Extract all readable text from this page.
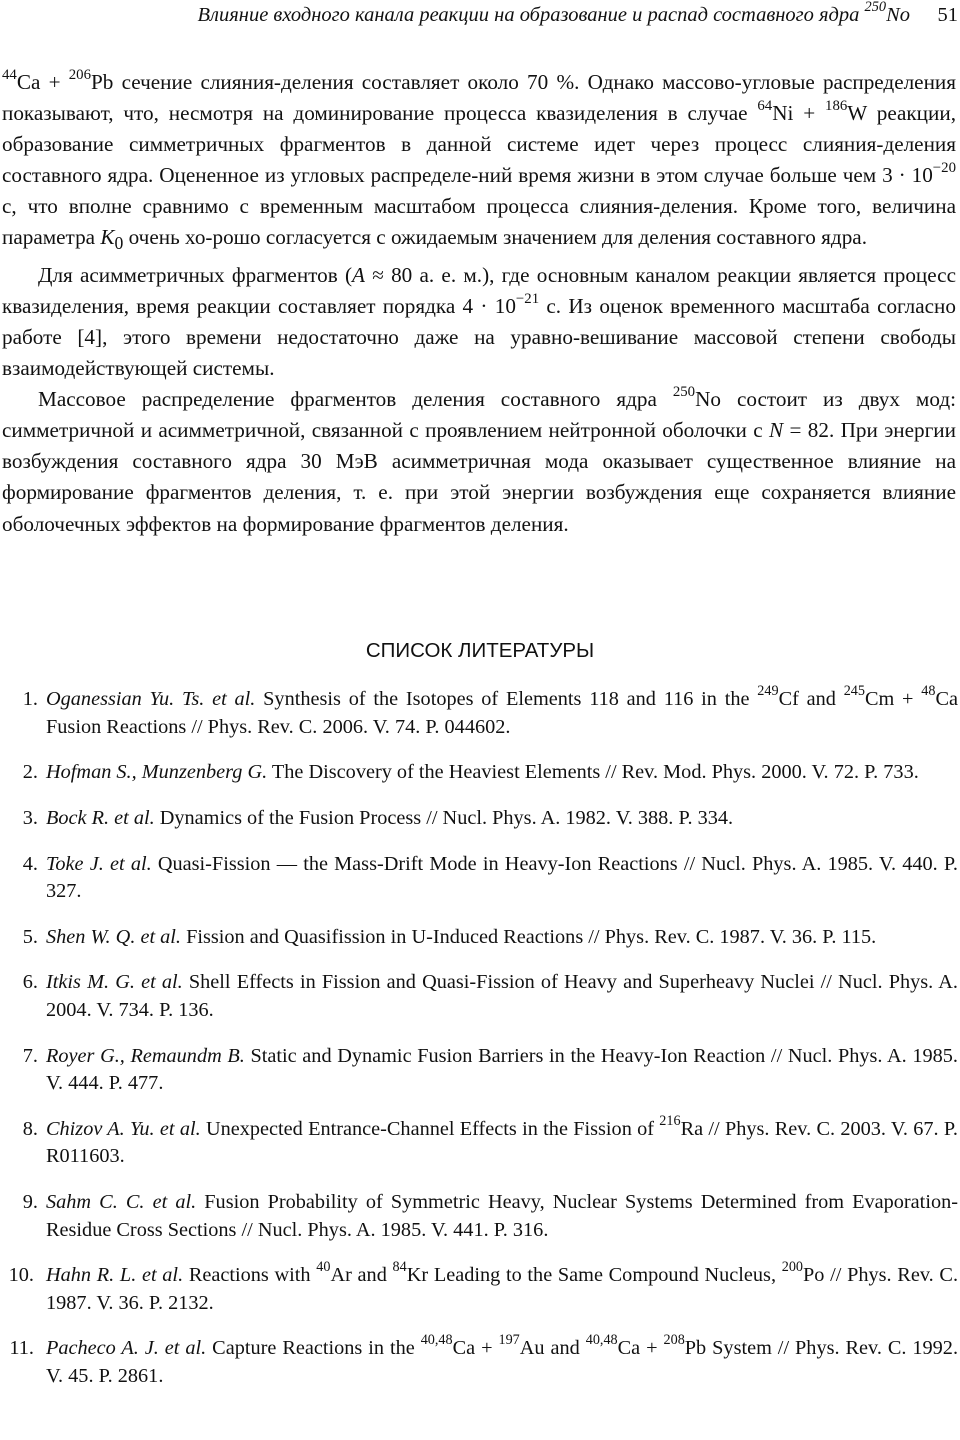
Влияние входного канала реакции на образование и распад составного ядра $^{250}$No 51

$^{44}$Ca + $^{206}$Pb сечение слияния-деления составляет около 70 %. Однако массово-угловые распределения показывают, что, несмотря на доминирование процесса квазиделения в случае $^{64}$Ni + $^{186}$W реакции, образование симметричных фрагментов в данной системе идет через процесс слияния-деления составного ядра. Оцененное из угловых распределе-ний время жизни в этом случае больше чем $3 \cdot 10^{-20}$ с, что вполне сравнимо с временным масштабом процесса слияния-деления. Кроме того, величина параметра $K_0$ очень хо-рошо согласуется с ожидаемым значением для деления составного ядра.

Для асимметричных фрагментов (A ≈ 80 а. е. м.), где основным каналом реакции является процесс квазиделения, время реакции составляет порядка $4 \cdot 10^{-21}$ с. Из оценок временного масштаба согласно работе [4], этого времени недостаточно даже на уравно-вешивание массовой степени свободы взаимодействующей системы.

Массовое распределение фрагментов деления составного ядра $^{250}$No состоит из двух мод: симметричной и асимметричной, связанной с проявлением нейтронной оболочки с N = 82. При энергии возбуждения составного ядра 30 МэВ асимметричная мода оказывает существенное влияние на формирование фрагментов деления, т. е. при этой энергии возбуждения еще сохраняется влияние оболочечных эффектов на формирование фрагментов деления.

СПИСОК ЛИТЕРАТУРЫ
1. Oganessian Yu. Ts. et al. Synthesis of the Isotopes of Elements 118 and 116 in the $^{249}$Cf and $^{245}$Cm + $^{48}$Ca Fusion Reactions // Phys. Rev. C. 2006. V. 74. P. 044602.
2. Hofman S., Munzenberg G. The Discovery of the Heaviest Elements // Rev. Mod. Phys. 2000. V. 72. P. 733.
3. Bock R. et al. Dynamics of the Fusion Process // Nucl. Phys. A. 1982. V. 388. P. 334.
4. Toke J. et al. Quasi-Fission — the Mass-Drift Mode in Heavy-Ion Reactions // Nucl. Phys. A. 1985. V. 440. P. 327.
5. Shen W. Q. et al. Fission and Quasifission in U-Induced Reactions // Phys. Rev. C. 1987. V. 36. P. 115.
6. Itkis M. G. et al. Shell Effects in Fission and Quasi-Fission of Heavy and Superheavy Nuclei // Nucl. Phys. A. 2004. V. 734. P. 136.
7. Royer G., Remaundm B. Static and Dynamic Fusion Barriers in the Heavy-Ion Reaction // Nucl. Phys. A. 1985. V. 444. P. 477.
8. Chizov A. Yu. et al. Unexpected Entrance-Channel Effects in the Fission of $^{216}$Ra // Phys. Rev. C. 2003. V. 67. P. R011603.
9. Sahm C. C. et al. Fusion Probability of Symmetric Heavy, Nuclear Systems Determined from Evaporation-Residue Cross Sections // Nucl. Phys. A. 1985. V. 441. P. 316.
10. Hahn R. L. et al. Reactions with $^{40}$Ar and $^{84}$Kr Leading to the Same Compound Nucleus, $^{200}$Po // Phys. Rev. C. 1987. V. 36. P. 2132.
11. Pacheco A. J. et al. Capture Reactions in the $^{40,48}$Ca + $^{197}$Au and $^{40,48}$Ca + $^{208}$Pb System // Phys. Rev. C. 1992. V. 45. P. 2861.
